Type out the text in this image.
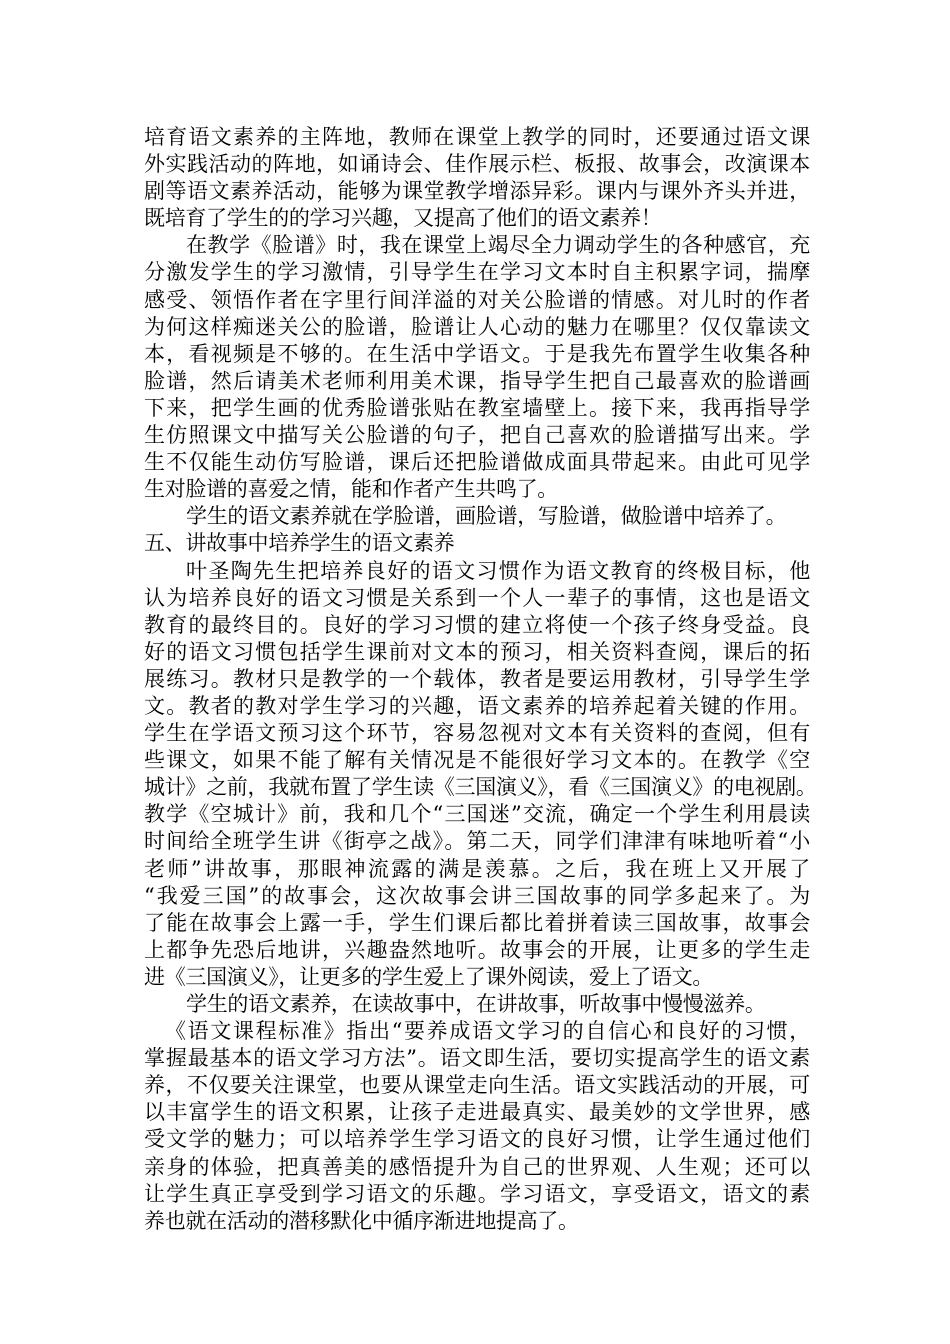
培育语文素养的主阵地，教师在课堂上教学的同时，还要通过语文课
外实践活动的阵地，如诵诗会、佳作展示栏、板报、故事会，改演课本
剧等语文素养活动，能够为课堂教学增添异彩。课内与课外齐头并进，
既培育了学生的的学习兴趣，又提高了他们的语文素养！
在教学《脸谱》时，我在课堂上竭尽全力调动学生的各种感官，充
分激发学生的学习激情，引导学生在学习文本时自主积累字词，揣摩
感受、领悟作者在字里行间洋溢的对关公脸谱的情感。对儿时的作者
为何这样痴迷关公的脸谱，脸谱让人心动的魅力在哪里？仅仅靠读文
本，看视频是不够的。在生活中学语文。于是我先布置学生收集各种
脸谱，然后请美术老师利用美术课，指导学生把自己最喜欢的脸谱画
下来，把学生画的优秀脸谱张贴在教室墙壁上。接下来，我再指导学
生仿照课文中描写关公脸谱的句子，把自己喜欢的脸谱描写出来。学
生不仅能生动仿写脸谱，课后还把脸谱做成面具带起来。由此可见学
生对脸谱的喜爱之情，能和作者产生共鸣了。
学生的语文素养就在学脸谱，画脸谱，写脸谱，做脸谱中培养了。
五、讲故事中培养学生的语文素养
叶圣陶先生把培养良好的语文习惯作为语文教育的终极目标，他
认为培养良好的语文习惯是关系到一个人一辈子的事情，这也是语文
教育的最终目的。良好的学习习惯的建立将使一个孩子终身受益。良
好的语文习惯包括学生课前对文本的预习，相关资料查阅，课后的拓
展练习。教材只是教学的一个载体，教者是要运用教材，引导学生学
文。教者的教对学生学习的兴趣，语文素养的培养起着关键的作用。
学生在学语文预习这个环节，容易忽视对文本有关资料的查阅，但有
些课文，如果不能了解有关情况是不能很好学习文本的。在教学《空
城计》之前，我就布置了学生读《三国演义》，看《三国演义》的电视剧。
教学《空城计》前，我和几个“三国迷”交流，确定一个学生利用晨读
时间给全班学生讲《街亭之战》。第二天，同学们津津有味地听着“小
老师”讲故事，那眼神流露的满是羡慕。之后，我在班上又开展了
“我爱三国”的故事会，这次故事会讲三国故事的同学多起来了。为
了能在故事会上露一手，学生们课后都比着拼着读三国故事，故事会
上都争先恐后地讲，兴趣盎然地听。故事会的开展，让更多的学生走
进《三国演义》，让更多的学生爱上了课外阅读，爱上了语文。
学生的语文素养，在读故事中，在讲故事，听故事中慢慢滋养。
《语文课程标准》指出“要养成语文学习的自信心和良好的习惯，
掌握最基本的语文学习方法”。语文即生活，要切实提高学生的语文素
养，不仅要关注课堂，也要从课堂走向生活。语文实践活动的开展，可
以丰富学生的语文积累，让孩子走进最真实、最美妙的文学世界，感
受文学的魅力；可以培养学生学习语文的良好习惯，让学生通过他们
亲身的体验，把真善美的感悟提升为自己的世界观、人生观；还可以
让学生真正享受到学习语文的乐趣。学习语文，享受语文，语文的素
养也就在活动的潜移默化中循序渐进地提高了。
